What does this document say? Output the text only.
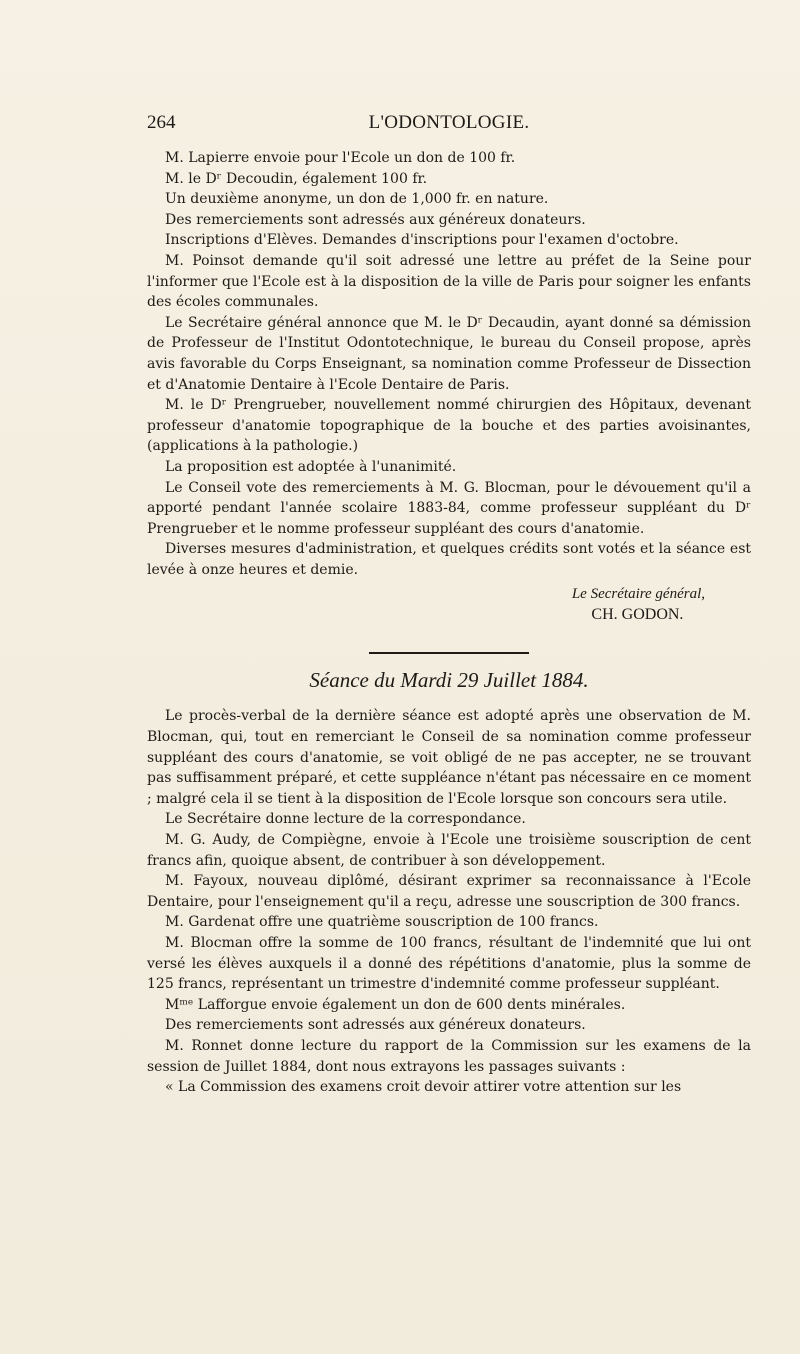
264	L'ODONTOLOGIE.

M. Lapierre envoie pour l'Ecole un don de 100 fr.

M. le Dʳ Decoudin, également 100 fr.

Un deuxième anonyme, un don de 1,000 fr. en nature.

Des remerciements sont adressés aux généreux donateurs.

Inscriptions d'Elèves. Demandes d'inscriptions pour l'examen d'octobre.

M. Poinsot demande qu'il soit adressé une lettre au préfet de la Seine pour l'informer que l'Ecole est à la disposition de la ville de Paris pour soigner les enfants des écoles communales.

Le Secrétaire général annonce que M. le Dʳ Decaudin, ayant donné sa démission de Professeur de l'Institut Odontotechnique, le bureau du Conseil propose, après avis favorable du Corps Enseignant, sa nomination comme Professeur de Dissection et d'Anatomie Dentaire à l'Ecole Dentaire de Paris.

M. le Dʳ Prengrueber, nouvellement nommé chirurgien des Hôpitaux, devenant professeur d'anatomie topographique de la bouche et des parties avoisinantes, (applications à la pathologie.)

La proposition est adoptée à l'unanimité.

Le Conseil vote des remerciements à M. G. Blocman, pour le dévouement qu'il a apporté pendant l'année scolaire 1883-84, comme professeur suppléant du Dʳ Prengrueber et le nomme professeur suppléant des cours d'anatomie.

Diverses mesures d'administration, et quelques crédits sont votés et la séance est levée à onze heures et demie.

Le Secrétaire général,
CH. GODON.
Séance du Mardi 29 Juillet 1884.

Le procès-verbal de la dernière séance est adopté après une observation de M. Blocman, qui, tout en remerciant le Conseil de sa nomination comme professeur suppléant des cours d'anatomie, se voit obligé de ne pas accepter, ne se trouvant pas suffisamment préparé, et cette suppléance n'étant pas nécessaire en ce moment ; malgré cela il se tient à la disposition de l'Ecole lorsque son concours sera utile.

Le Secrétaire donne lecture de la correspondance.

M. G. Audy, de Compiègne, envoie à l'Ecole une troisième souscription de cent francs afin, quoique absent, de contribuer à son développement.

M. Fayoux, nouveau diplômé, désirant exprimer sa reconnaissance à l'Ecole Dentaire, pour l'enseignement qu'il a reçu, adresse une souscription de 300 francs.

M. Gardenat offre une quatrième souscription de 100 francs.

M. Blocman offre la somme de 100 francs, résultant de l'indemnité que lui ont versé les élèves auxquels il a donné des répétitions d'anatomie, plus la somme de 125 francs, représentant un trimestre d'indemnité comme professeur suppléant.

Mᵐᵉ Lafforgue envoie également un don de 600 dents minérales.

Des remerciements sont adressés aux généreux donateurs.

M. Ronnet donne lecture du rapport de la Commission sur les examens de la session de Juillet 1884, dont nous extrayons les passages suivants :

« La Commission des examens croit devoir attirer votre attention sur les
